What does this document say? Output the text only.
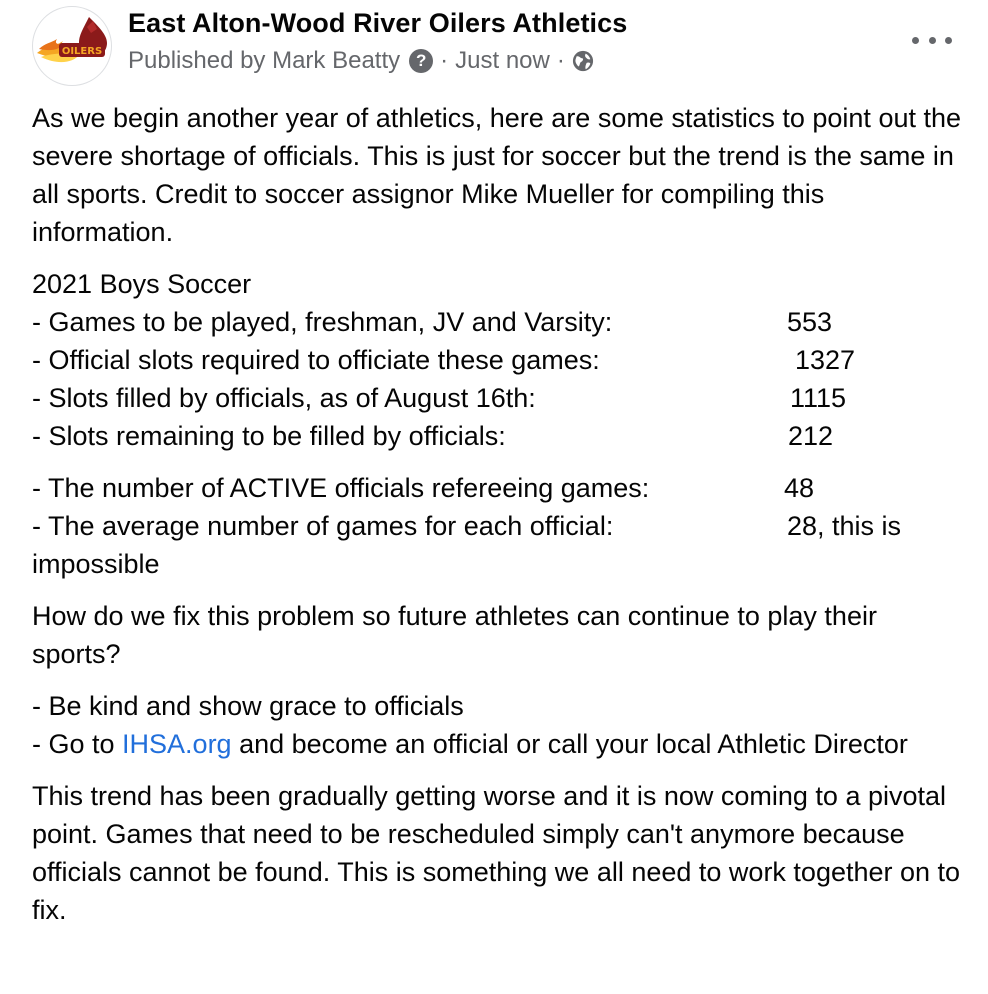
OILERS
East Alton-Wood River Oilers Athletics
Published by Mark Beatty ? · Just now ·

As we begin another year of athletics, here are some statistics to point out the severe shortage of officials. This is just for soccer but the trend is the same in all sports. Credit to soccer assignor Mike Mueller for compiling this information.

2021 Boys Soccer
- Games to be played, freshman, JV and Varsity:	553
- Official slots required to officiate these games:	1327
- Slots filled by officials, as of August 16th:	1115
- Slots remaining to be filled by officials:	212
- The number of ACTIVE officials refereeing games:	48
- The average number of games for each official:	28, this is
impossible

How do we fix this problem so future athletes can continue to play their sports?

- Be kind and show grace to officials
- Go to IHSA.org and become an official or call your local Athletic Director

This trend has been gradually getting worse and it is now coming to a pivotal point. Games that need to be rescheduled simply can't anymore because officials cannot be found. This is something we all need to work together on to fix.
